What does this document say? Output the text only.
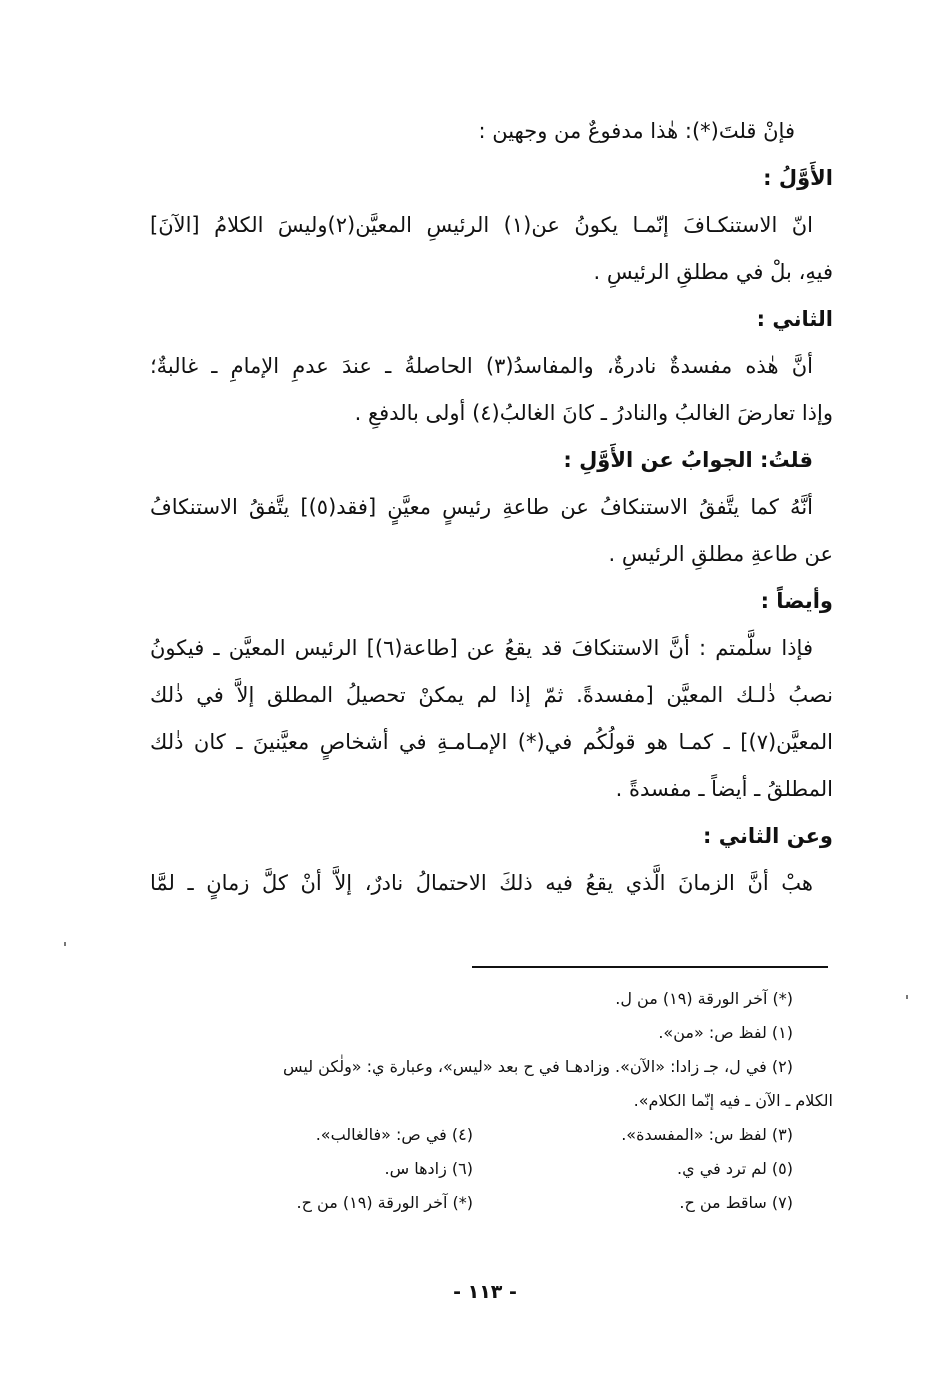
فإنْ قلتَ(*): هٰذا مدفوعٌ من وجهين :
الأَوَّلُ :
انّ الاستنكـافَ إنّمـا يكونُ عن(١) الرئيسِ المعيَّن(٢)وليسَ الكلامُ [الآنَ]
فيهِ، بلْ في مطلقِ الرئيسِ .
الثاني :
أنَّ هٰذه مفسدةٌ نادرةٌ، والمفاسدُ(٣) الحاصلةُ ـ عندَ عدمِ الإمامِ ـ غالبةٌ؛
وإذا تعارضَ الغالبُ والنادرُ ـ كانَ الغالبُ(٤) أولى بالدفعِ .
قلتُ: الجوابُ عن الأَوَّلِ :
أنَّهُ كما يتَّفقُ الاستنكافُ عن طاعةِ رئيسٍ معيَّنٍ [فقد(٥)] يتَّفقُ الاستنكافُ
عن طاعةِ مطلقِ الرئيسِ .
وأيضاً :
فإذا سلَّمتم : أنَّ الاستنكافَ قد يقعُ عن [طاعة(٦)] الرئيس المعيَّن ـ فيكونُ
نصبُ ذٰلـك المعيَّن [مفسدةً. ثمّ إذا لم يمكنْ تحصيلُ المطلق إلاَّ في ذٰلك
المعيَّن(٧)] ـ كمـا هو قولُكُم في(*) الإمـامـةِ في أشخاصٍ معيَّنينَ ـ كان ذٰلك
المطلقُ ـ أيضاً ـ مفسدةً .
وعن الثاني :
هبْ أنَّ الزمانَ الَّذي يقعُ فيه ذلكَ الاحتمالُ نادرٌ، إلاَّ أنْ كلَّ زمانٍ ـ لمَّا
(*) آخر الورقة (١٩) من ل.
(١) لفظ ص: «من».
(٢) في ل، جـ زادا: «الآن». وزادهـا في ح بعد «ليس»، وعبارة ي: «ولٰكن ليس
الكلام ـ الآن ـ فيه إنّما الكلام».
(٣) لفظ س: «المفسدة».
(٤) في ص: «فالغالب».
(٥) لم ترد في ي.
(٦) زادها س.
(٧) ساقط من ح.
(*) آخر الورقة (١٩) من ح.
- ١١٣ -
